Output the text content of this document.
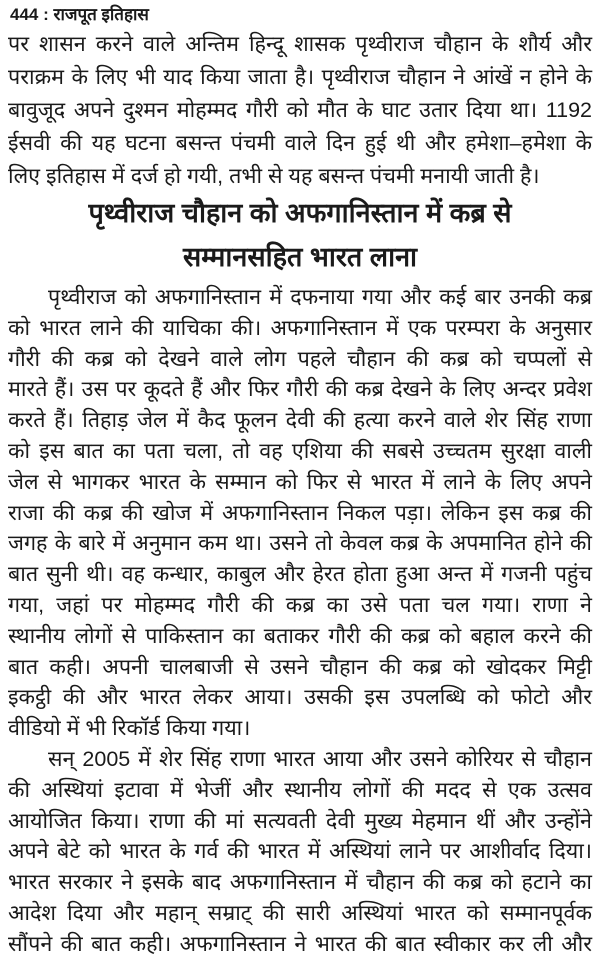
444 : राजपूत इतिहास
पर शासन करने वाले अन्तिम हिन्दू शासक पृथ्वीराज चौहान के शौर्य और
पराक्रम के लिए भी याद किया जाता है। पृथ्वीराज चौहान ने आंखें न होने के
बावुजूद अपने दुश्मन मोहम्मद गौरी को मौत के घाट उतार दिया था। 1192
ईसवी की यह घटना बसन्त पंचमी वाले दिन हुई थी और हमेशा–हमेशा के
लिए इतिहास में दर्ज हो गयी, तभी से यह बसन्त पंचमी मनायी जाती है।
पृथ्वीराज चौहान को अफगानिस्तान में कब्र से
सम्मानसहित भारत लाना
पृथ्वीराज को अफगानिस्तान में दफनाया गया और कई बार उनकी कब्र
को भारत लाने की याचिका की। अफगानिस्तान में एक परम्परा के अनुसार
गौरी की कब्र को देखने वाले लोग पहले चौहान की कब्र को चप्पलों से
मारते हैं। उस पर कूदते हैं और फिर गौरी की कब्र देखने के लिए अन्दर प्रवेश
करते हैं। तिहाड़ जेल में कैद फूलन देवी की हत्या करने वाले शेर सिंह राणा
को इस बात का पता चला, तो वह एशिया की सबसे उच्चतम सुरक्षा वाली
जेल से भागकर भारत के सम्मान को फिर से भारत में लाने के लिए अपने
राजा की कब्र की खोज में अफगानिस्तान निकल पड़ा। लेकिन इस कब्र की
जगह के बारे में अनुमान कम था। उसने तो केवल कब्र के अपमानित होने की
बात सुनी थी। वह कन्धार, काबुल और हेरत होता हुआ अन्त में गजनी पहुंच
गया, जहां पर मोहम्मद गौरी की कब्र का उसे पता चल गया। राणा ने
स्थानीय लोगों से पाकिस्तान का बताकर गौरी की कब्र को बहाल करने की
बात कही। अपनी चालबाजी से उसने चौहान की कब्र को खोदकर मिट्टी
इकट्ठी की और भारत लेकर आया। उसकी इस उपलब्धि को फोटो और
वीडियो में भी रिकॉर्ड किया गया।
सन् 2005 में शेर सिंह राणा भारत आया और उसने कोरियर से चौहान
की अस्थियां इटावा में भेजीं और स्थानीय लोगों की मदद से एक उत्सव
आयोजित किया। राणा की मां सत्यवती देवी मुख्य मेहमान थीं और उन्होंने
अपने बेटे को भारत के गर्व की भारत में अस्थियां लाने पर आशीर्वाद दिया।
भारत सरकार ने इसके बाद अफगानिस्तान में चौहान की कब्र को हटाने का
आदेश दिया और महान् सम्राट् की सारी अस्थियां भारत को सम्मानपूर्वक
सौंपने की बात कही। अफगानिस्तान ने भारत की बात स्वीकार कर ली और
